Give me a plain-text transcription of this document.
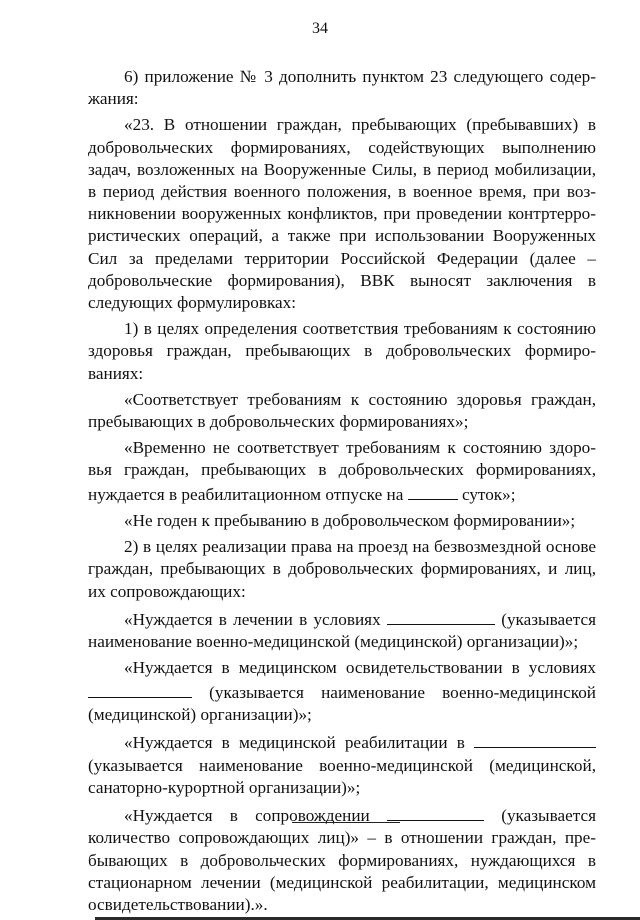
34

6) приложение № 3 дополнить пунктом 23 следующего содержания:

«23. В отношении граждан, пребывающих (пребывавших) в добровольческих формированиях, содействующих выполнению задач, возложенных на Вооруженные Силы, в период мобилизации, в период действия военного положения, в военное время, при возникновении вооруженных конфликтов, при проведении контртеррористических операций, а также при использовании Вооруженных Сил за пределами территории Российской Федерации (далее – добровольческие формирования), ВВК выносят заключения в следующих формулировках:

1) в целях определения соответствия требованиям к состоянию здоровья граждан, пребывающих в добровольческих формированиях:

«Соответствует требованиям к состоянию здоровья граждан, пребывающих в добровольческих формированиях»;

«Временно не соответствует требованиям к состоянию здоровья граждан, пребывающих в добровольческих формированиях, нуждается в реабилитационном отпуске на	суток»;

«Не годен к пребыванию в добровольческом формировании»;

2) в целях реализации права на проезд на безвозмездной основе граждан, пребывающих в добровольческих формированиях, и лиц, их сопровождающих:

«Нуждается в лечении в условиях	(указывается наименование военно-медицинской (медицинской) организации)»;

«Нуждается в медицинском освидетельствовании в условиях  (указывается наименование военно-медицинской (медицинской) организации)»;

«Нуждается в медицинской реабилитации в  (указывается наименование военно-медицинской (медицинской, санаторно-курортной организации)»;

«Нуждается в сопровождении	(указывается количество сопровождающих лиц)» – в отношении граждан, пребывающих в добровольческих формированиях, нуждающихся в стационарном лечении (медицинской реабилитации, медицинском освидетельствовании).».
